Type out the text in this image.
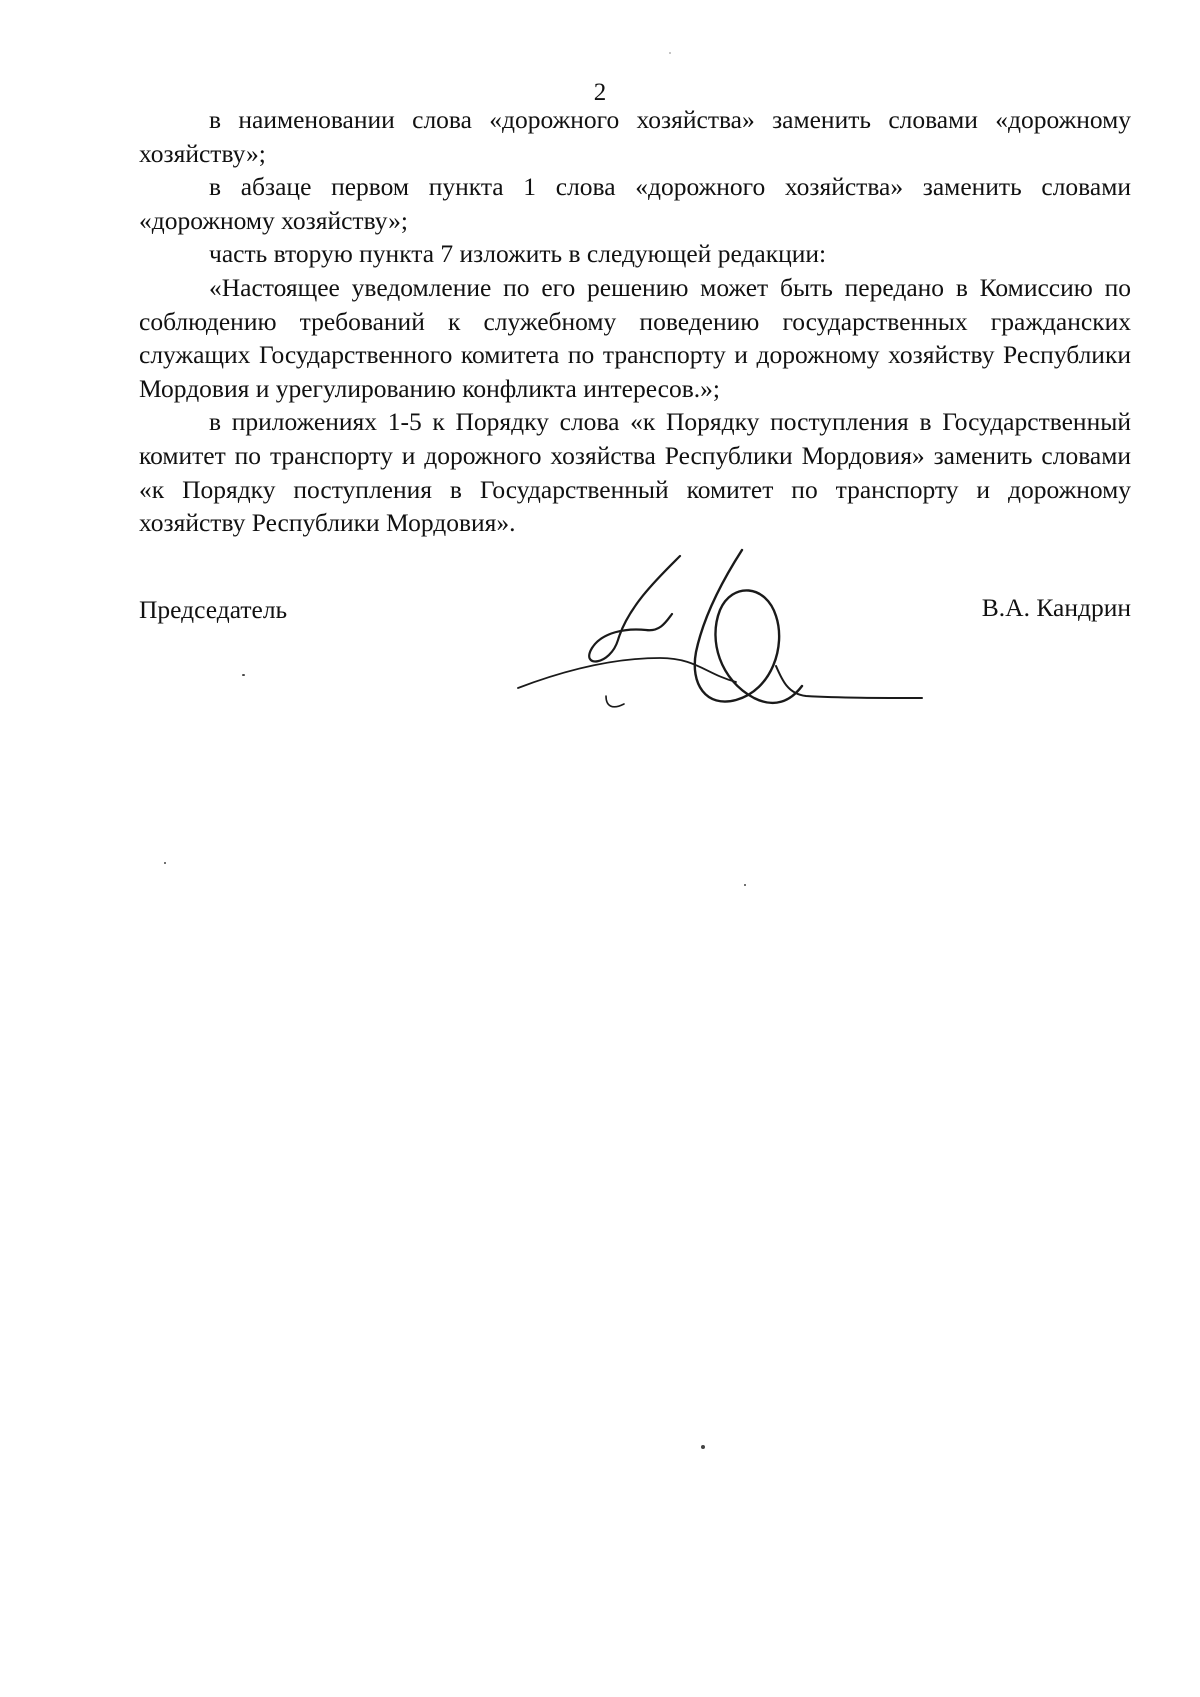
2

в наименовании слова «дорожного хозяйства» заменить словами «дорожному хозяйству»;

в абзаце первом пункта 1 слова «дорожного хозяйства» заменить словами «дорожному хозяйству»;

часть вторую пункта 7 изложить в следующей редакции:

«Настоящее уведомление по его решению может быть передано в Комиссию по соблюдению требований к служебному поведению государственных гражданских служащих Государственного комитета по транспорту и дорожному хозяйству Республики Мордовия и урегулированию конфликта интересов.»;

в приложениях 1-5 к Порядку слова «к Порядку поступления в Государственный комитет по транспорту и дорожного хозяйства Республики Мордовия» заменить словами «к Порядку поступления в Государственный комитет по транспорту и дорожному хозяйству Республики Мордовия».

Председатель	В.А. Кандрин
